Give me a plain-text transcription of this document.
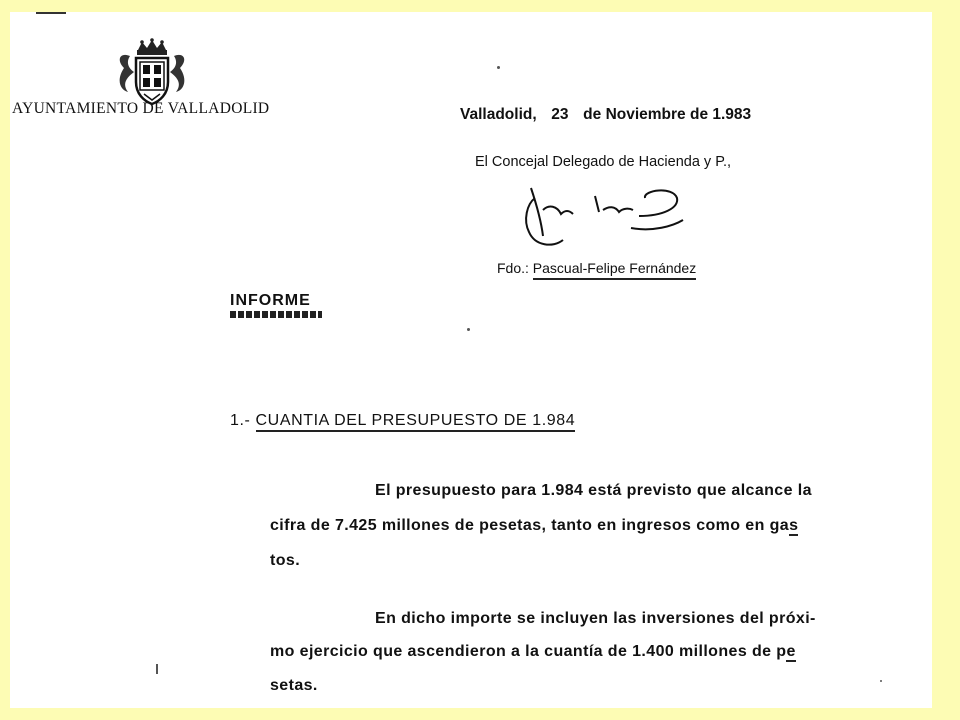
AYUNTAMIENTO DE VALLADOLID	Valladolid, 23 de Noviembre de 1.983
El Concejal Delegado de Hacienda y P.,
Fdo.: Pascual-Felipe Fernández
INFORME
1.- CUANTIA DEL PRESUPUESTO DE 1.984
El presupuesto para 1.984 está previsto que alcance la
cifra de 7.425 millones de pesetas, tanto en ingresos como en gas
tos.
En dicho importe se incluyen las inversiones del próxi-
mo ejercicio que ascendieron a la cuantía de 1.400 millones de pe
setas.
